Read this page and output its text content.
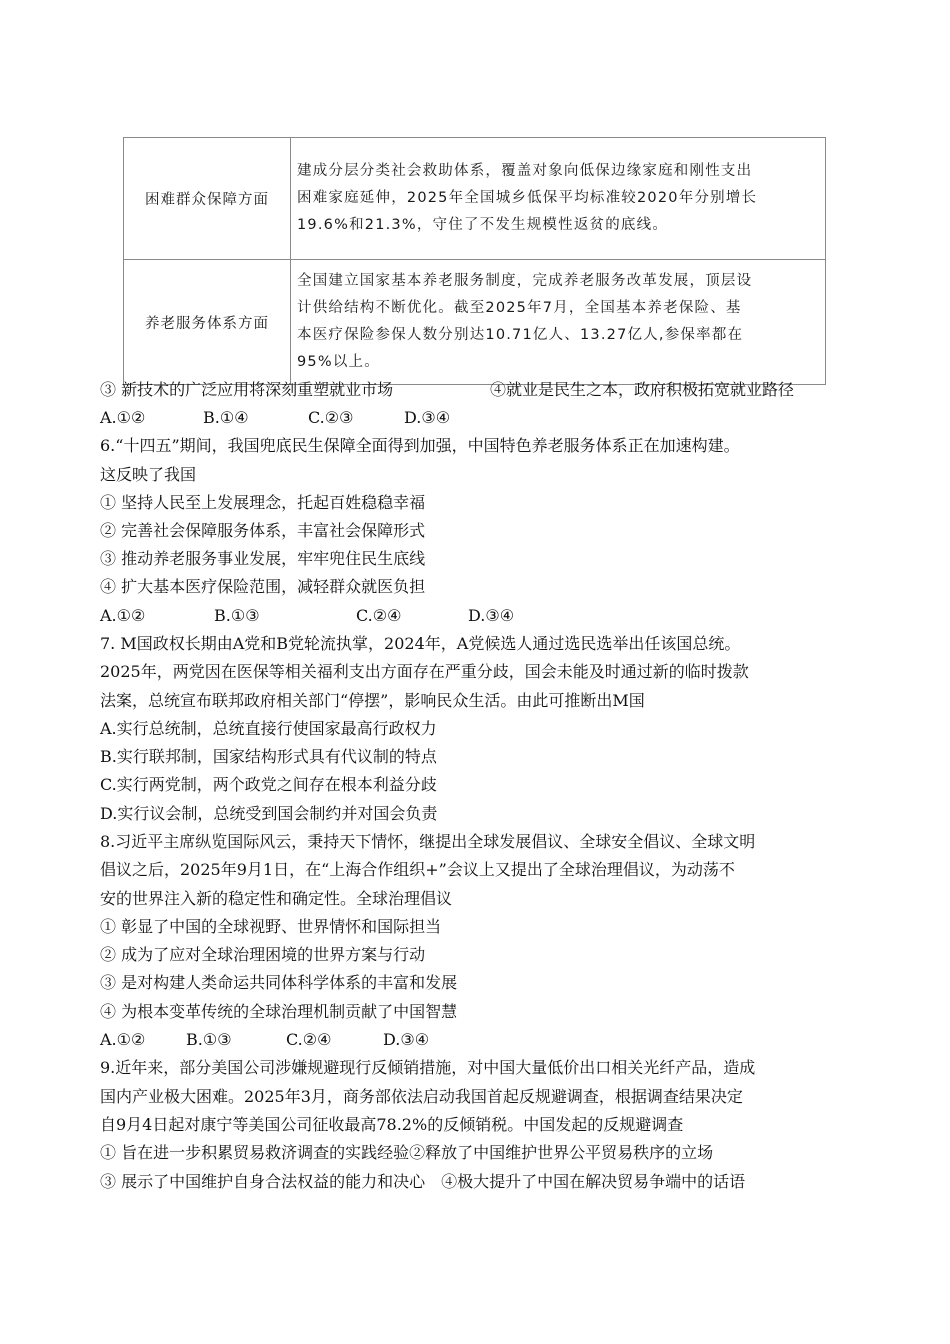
困难群众保障方面	建成分层分类社会救助体系，覆盖对象向低保边缘家庭和刚性支出
困难家庭延伸，2025年全国城乡低保平均标准较2020年分别增长
19.6%和21.3%，守住了不发生规模性返贫的底线。

养老服务体系方面	全国建立国家基本养老服务制度，完成养老服务改革发展，顶层设
计供给结构不断优化。截至2025年7月，全国基本养老保险、基
本医疗保险参保人数分别达10.71亿人、13.27亿人,参保率都在
95%以上。
③ 新技术的广泛应用将深刻重塑就业市场	④就业是民生之本，政府积极拓宽就业路径
A.①②	B.①④	C.②③	D.③④
6.“十四五”期间，我国兜底民生保障全面得到加强，中国特色养老服务体系正在加速构建。
这反映了我国
① 坚持人民至上发展理念，托起百姓稳稳幸福
② 完善社会保障服务体系，丰富社会保障形式
③ 推动养老服务事业发展，牢牢兜住民生底线
④ 扩大基本医疗保险范围，减轻群众就医负担
A.①②	B.①③	C.②④	D.③④
7. M国政权长期由A党和B党轮流执掌，2024年，A党候选人通过选民选举出任该国总统。
2025年，两党因在医保等相关福利支出方面存在严重分歧，国会未能及时通过新的临时拨款
法案，总统宣布联邦政府相关部门“停摆”，影响民众生活。由此可推断出M国
A.实行总统制，总统直接行使国家最高行政权力
B.实行联邦制，国家结构形式具有代议制的特点
C.实行两党制，两个政党之间存在根本利益分歧
D.实行议会制，总统受到国会制约并对国会负责
8.习近平主席纵览国际风云，秉持天下情怀，继提出全球发展倡议、全球安全倡议、全球文明
倡议之后，2025年9月1日，在“上海合作组织+”会议上又提出了全球治理倡议，为动荡不
安的世界注入新的稳定性和确定性。全球治理倡议
① 彰显了中国的全球视野、世界情怀和国际担当
② 成为了应对全球治理困境的世界方案与行动
③ 是对构建人类命运共同体科学体系的丰富和发展
④ 为根本变革传统的全球治理机制贡献了中国智慧
A.①②	B.①③	C.②④	D.③④
9.近年来，部分美国公司涉嫌规避现行反倾销措施，对中国大量低价出口相关光纤产品，造成
国内产业极大困难。2025年3月，商务部依法启动我国首起反规避调查，根据调查结果决定
自9月4日起对康宁等美国公司征收最高78.2%的反倾销税。中国发起的反规避调查
① 旨在进一步积累贸易救济调查的实践经验②释放了中国维护世界公平贸易秩序的立场
③ 展示了中国维护自身合法权益的能力和决心　④极大提升了中国在解决贸易争端中的话语
